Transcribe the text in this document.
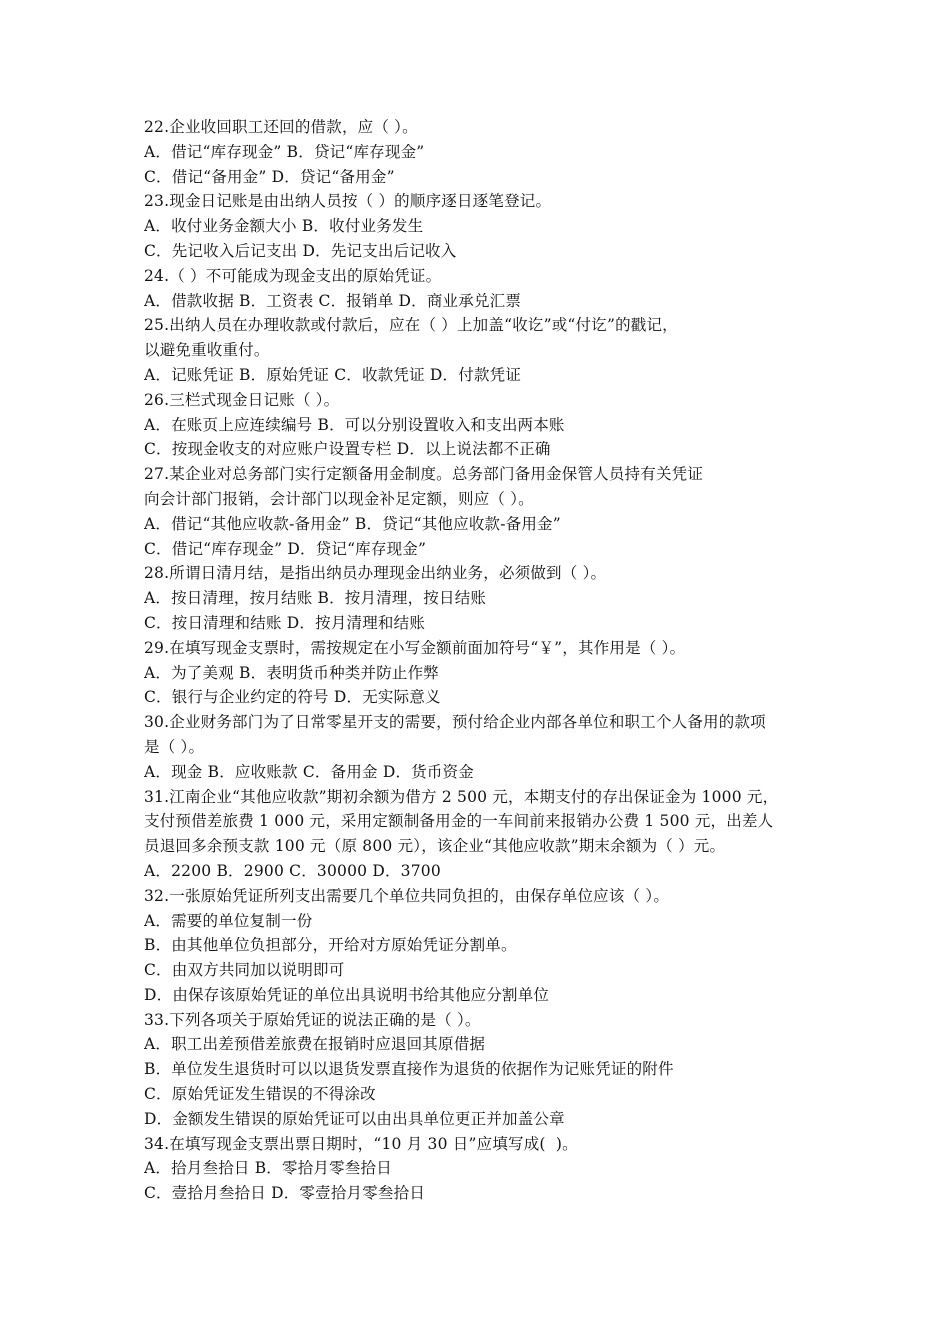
22.企业收回职工还回的借款，应（ ）。
A．借记“库存现金” B．贷记“库存现金”
C．借记“备用金” D．贷记“备用金”
23.现金日记账是由出纳人员按（ ）的顺序逐日逐笔登记。
A．收付业务金额大小 B．收付业务发生
C．先记收入后记支出 D．先记支出后记收入
24.（ ）不可能成为现金支出的原始凭证。
A．借款收据 B．工资表 C．报销单 D．商业承兑汇票
25.出纳人员在办理收款或付款后，应在（ ）上加盖“收讫”或“付讫”的戳记，
以避免重收重付。
A．记账凭证 B．原始凭证 C．收款凭证 D．付款凭证
26.三栏式现金日记账（ ）。
A．在账页上应连续编号 B．可以分别设置收入和支出两本账
C．按现金收支的对应账户设置专栏 D．以上说法都不正确
27.某企业对总务部门实行定额备用金制度。总务部门备用金保管人员持有关凭证
向会计部门报销，会计部门以现金补足定额，则应（ ）。
A．借记“其他应收款-备用金” B．贷记“其他应收款-备用金”
C．借记“库存现金” D．贷记“库存现金”
28.所谓日清月结，是指出纳员办理现金出纳业务，必须做到（ ）。
A．按日清理，按月结账 B．按月清理，按日结账
C．按日清理和结账 D．按月清理和结账
29.在填写现金支票时，需按规定在小写金额前面加符号“￥”，其作用是（ ）。
A．为了美观 B．表明货币种类并防止作弊
C．银行与企业约定的符号 D．无实际意义
30.企业财务部门为了日常零星开支的需要，预付给企业内部各单位和职工个人备用的款项
是（ ）。
A．现金 B．应收账款 C．备用金 D．货币资金
31.江南企业“其他应收款”期初余额为借方 2 500 元，本期支付的存出保证金为 1000 元，
支付预借差旅费 1 000 元，采用定额制备用金的一车间前来报销办公费 1 500 元，出差人
员退回多余预支款 100 元（原 800 元），该企业“其他应收款”期末余额为（ ）元。
A．2200 B．2900 C．30000 D．3700
32.一张原始凭证所列支出需要几个单位共同负担的，由保存单位应该（ ）。
A．需要的单位复制一份
B．由其他单位负担部分，开给对方原始凭证分割单。
C．由双方共同加以说明即可
D．由保存该原始凭证的单位出具说明书给其他应分割单位
33.下列各项关于原始凭证的说法正确的是（ ）。
A．职工出差预借差旅费在报销时应退回其原借据
B．单位发生退货时可以以退货发票直接作为退货的依据作为记账凭证的附件
C．原始凭证发生错误的不得涂改
D．金额发生错误的原始凭证可以由出具单位更正并加盖公章
34.在填写现金支票出票日期时，“10 月 30 日”应填写成(  )。
A．拾月叁拾日 B．零拾月零叁拾日
C．壹拾月叁拾日 D．零壹拾月零叁拾日
